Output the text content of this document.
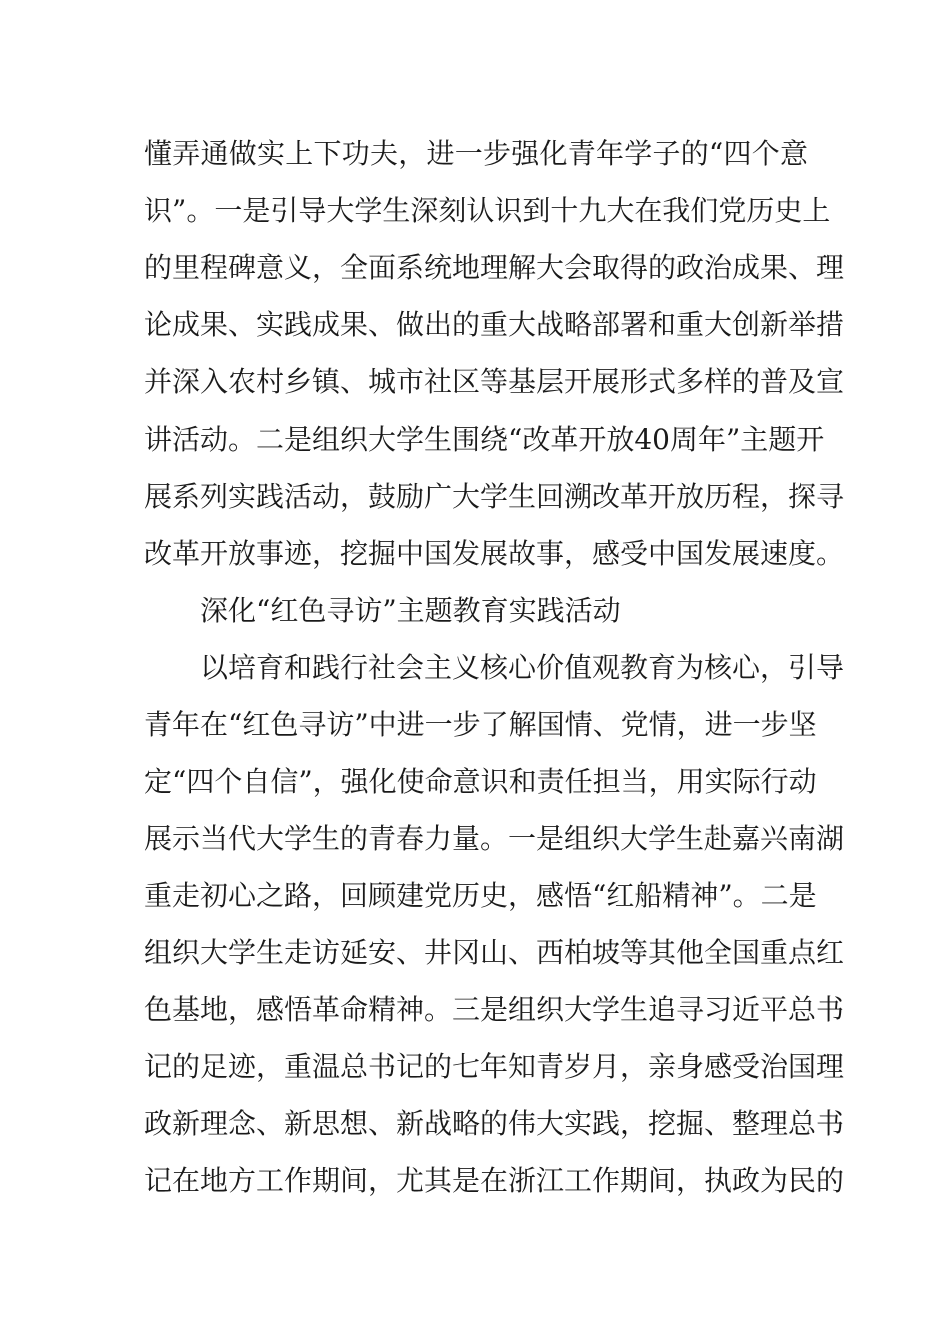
懂弄通做实上下功夫，进一步强化青年学子的“四个意
识”。一是引导大学生深刻认识到十九大在我们党历史上
的里程碑意义，全面系统地理解大会取得的政治成果、理
论成果、实践成果、做出的重大战略部署和重大创新举措
并深入农村乡镇、城市社区等基层开展形式多样的普及宣
讲活动。二是组织大学生围绕“改革开放40周年”主题开
展系列实践活动，鼓励广大学生回溯改革开放历程，探寻
改革开放事迹，挖掘中国发展故事，感受中国发展速度。
深化“红色寻访”主题教育实践活动
以培育和践行社会主义核心价值观教育为核心，引导
青年在“红色寻访”中进一步了解国情、党情，进一步坚
定“四个自信”，强化使命意识和责任担当，用实际行动
展示当代大学生的青春力量。一是组织大学生赴嘉兴南湖
重走初心之路，回顾建党历史，感悟“红船精神”。二是
组织大学生走访延安、井冈山、西柏坡等其他全国重点红
色基地，感悟革命精神。三是组织大学生追寻习近平总书
记的足迹，重温总书记的七年知青岁月，亲身感受治国理
政新理念、新思想、新战略的伟大实践，挖掘、整理总书
记在地方工作期间，尤其是在浙江工作期间，执政为民的
